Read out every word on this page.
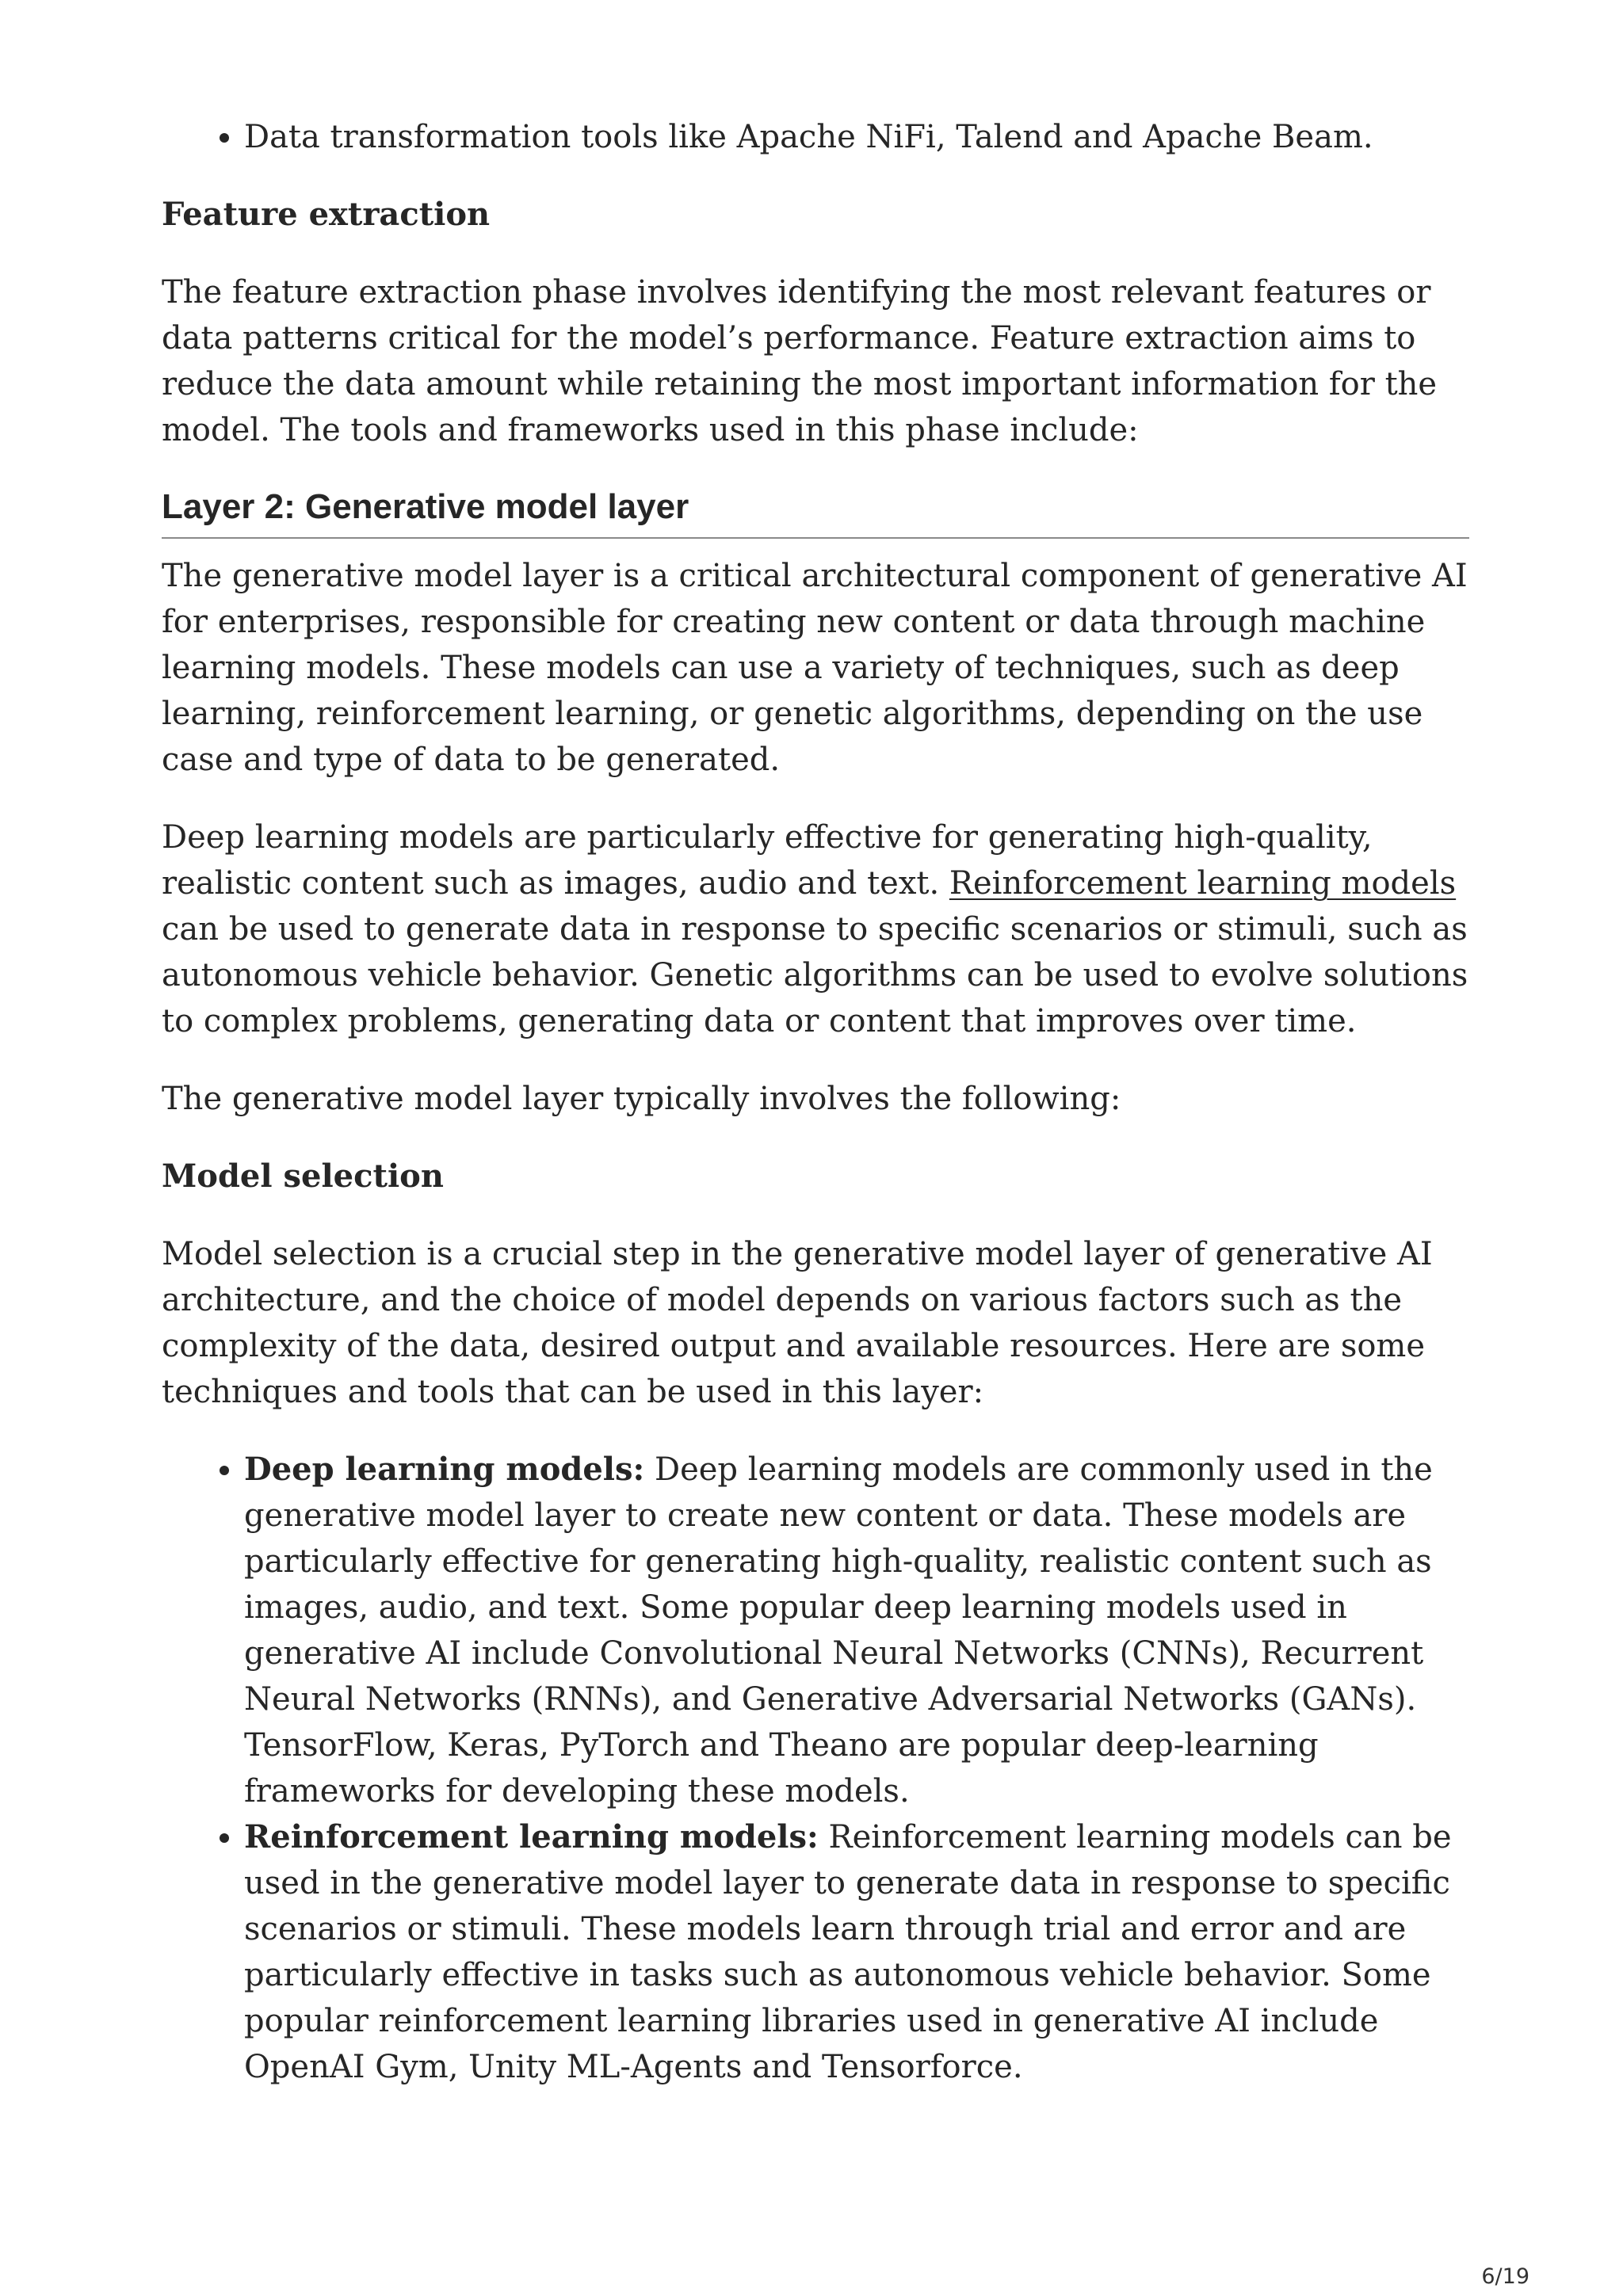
• Data transformation tools like Apache NiFi, Talend and Apache Beam.
Feature extraction

The feature extraction phase involves identifying the most relevant features or data patterns critical for the model’s performance. Feature extraction aims to reduce the data amount while retaining the most important information for the model. The tools and frameworks used in this phase include:

Layer 2: Generative model layer

The generative model layer is a critical architectural component of generative AI for enterprises, responsible for creating new content or data through machine learning models. These models can use a variety of techniques, such as deep learning, reinforcement learning, or genetic algorithms, depending on the use case and type of data to be generated.

Deep learning models are particularly effective for generating high-quality, realistic content such as images, audio and text. Reinforcement learning models can be used to generate data in response to specific scenarios or stimuli, such as autonomous vehicle behavior. Genetic algorithms can be used to evolve solutions to complex problems, generating data or content that improves over time.

The generative model layer typically involves the following:

Model selection

Model selection is a crucial step in the generative model layer of generative AI architecture, and the choice of model depends on various factors such as the complexity of the data, desired output and available resources. Here are some techniques and tools that can be used in this layer:

• Deep learning models: Deep learning models are commonly used in the generative model layer to create new content or data. These models are particularly effective for generating high-quality, realistic content such as images, audio, and text. Some popular deep learning models used in generative AI include Convolutional Neural Networks (CNNs), Recurrent Neural Networks (RNNs), and Generative Adversarial Networks (GANs). TensorFlow, Keras, PyTorch and Theano are popular deep-learning frameworks for developing these models.
• Reinforcement learning models: Reinforcement learning models can be used in the generative model layer to generate data in response to specific scenarios or stimuli. These models learn through trial and error and are particularly effective in tasks such as autonomous vehicle behavior. Some popular reinforcement learning libraries used in generative AI include OpenAI Gym, Unity ML-Agents and Tensorforce.
6/19
